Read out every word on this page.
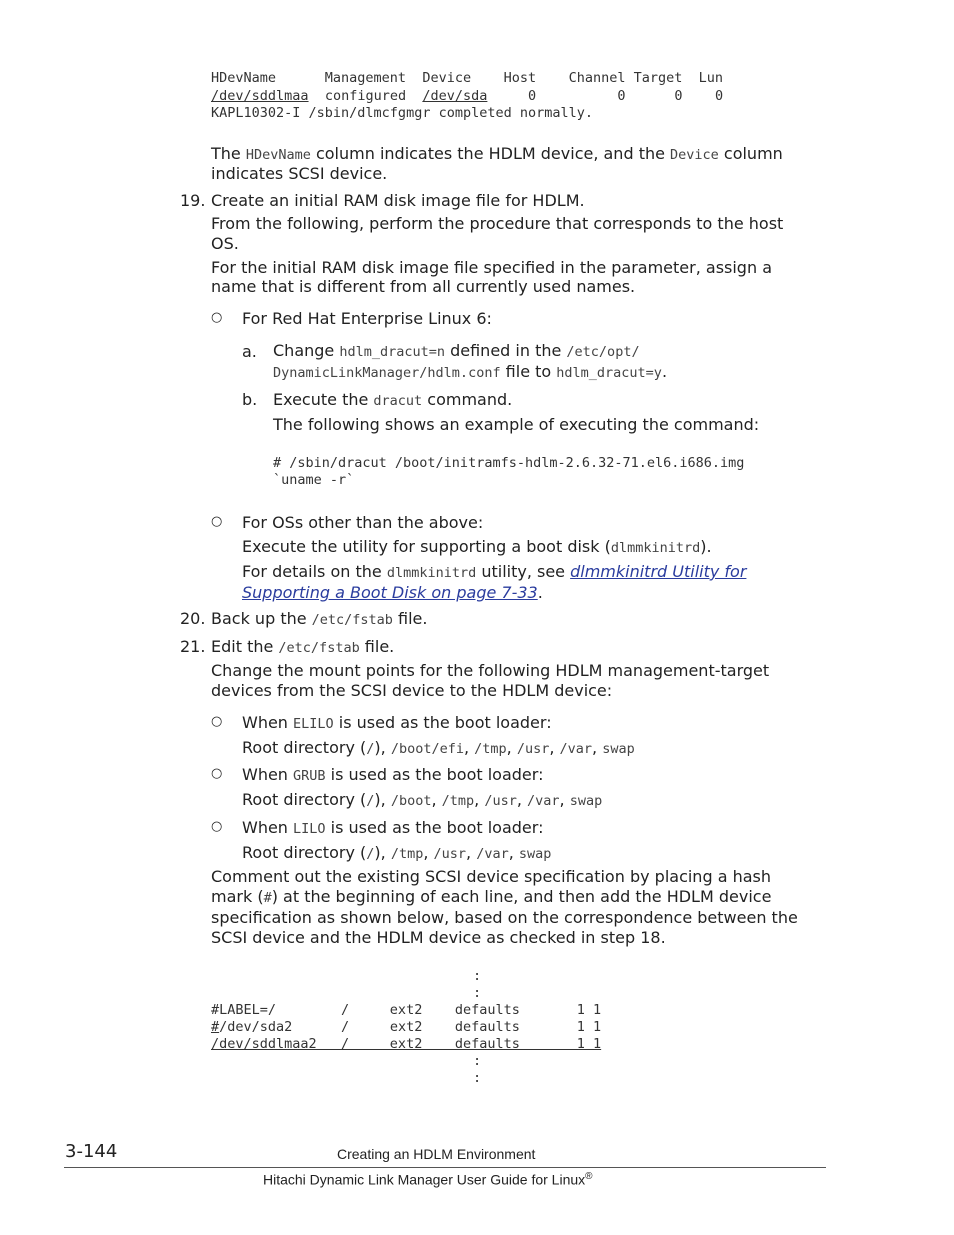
HDevName      Management  Device    Host    Channel Target  Lun
/dev/sddlmaa configured /dev/sda	0          0      0    0
KAPL10302-I /sbin/dlmcfgmgr completed normally.
The HDevName column indicates the HDLM device, and the Device column
indicates SCSI device.
19. Create an initial RAM disk image file for HDLM.
From the following, perform the procedure that corresponds to the host
OS.
For the initial RAM disk image file specified in the parameter, assign a
name that is different from all currently used names.
○ For Red Hat Enterprise Linux 6:
a. Change hdlm_dracut=n defined in the /etc/opt/
DynamicLinkManager/hdlm.conf file to hdlm_dracut=y.
b. Execute the dracut command.
The following shows an example of executing the command:
# /sbin/dracut /boot/initramfs-hdlm-2.6.32-71.el6.i686.img
`uname -r`
○ For OSs other than the above:
Execute the utility for supporting a boot disk (dlmmkinitrd).
For details on the dlmmkinitrd utility, see dlmmkinitrd Utility for
Supporting a Boot Disk on page 7-33.
20. Back up the /etc/fstab file.
21. Edit the /etc/fstab file.
Change the mount points for the following HDLM management-target
devices from the SCSI device to the HDLM device:
○ When ELILO is used as the boot loader:
Root directory (/), /boot/efi, /tmp, /usr, /var, swap
○ When GRUB is used as the boot loader:
Root directory (/), /boot, /tmp, /usr, /var, swap
○ When LILO is used as the boot loader:
Root directory (/), /tmp, /usr, /var, swap
Comment out the existing SCSI device specification by placing a hash
mark (#) at the beginning of each line, and then add the HDLM device
specification as shown below, based on the correspondence between the
SCSI device and the HDLM device as checked in step 18.
:
:
#LABEL=/        /     ext2    defaults       1 1
#/dev/sda2      /     ext2    defaults       1 1
/dev/sddlmaa2   /     ext2    defaults       1 1
:
:
3-144	Creating an HDLM Environment
Hitachi Dynamic Link Manager User Guide for Linux®
